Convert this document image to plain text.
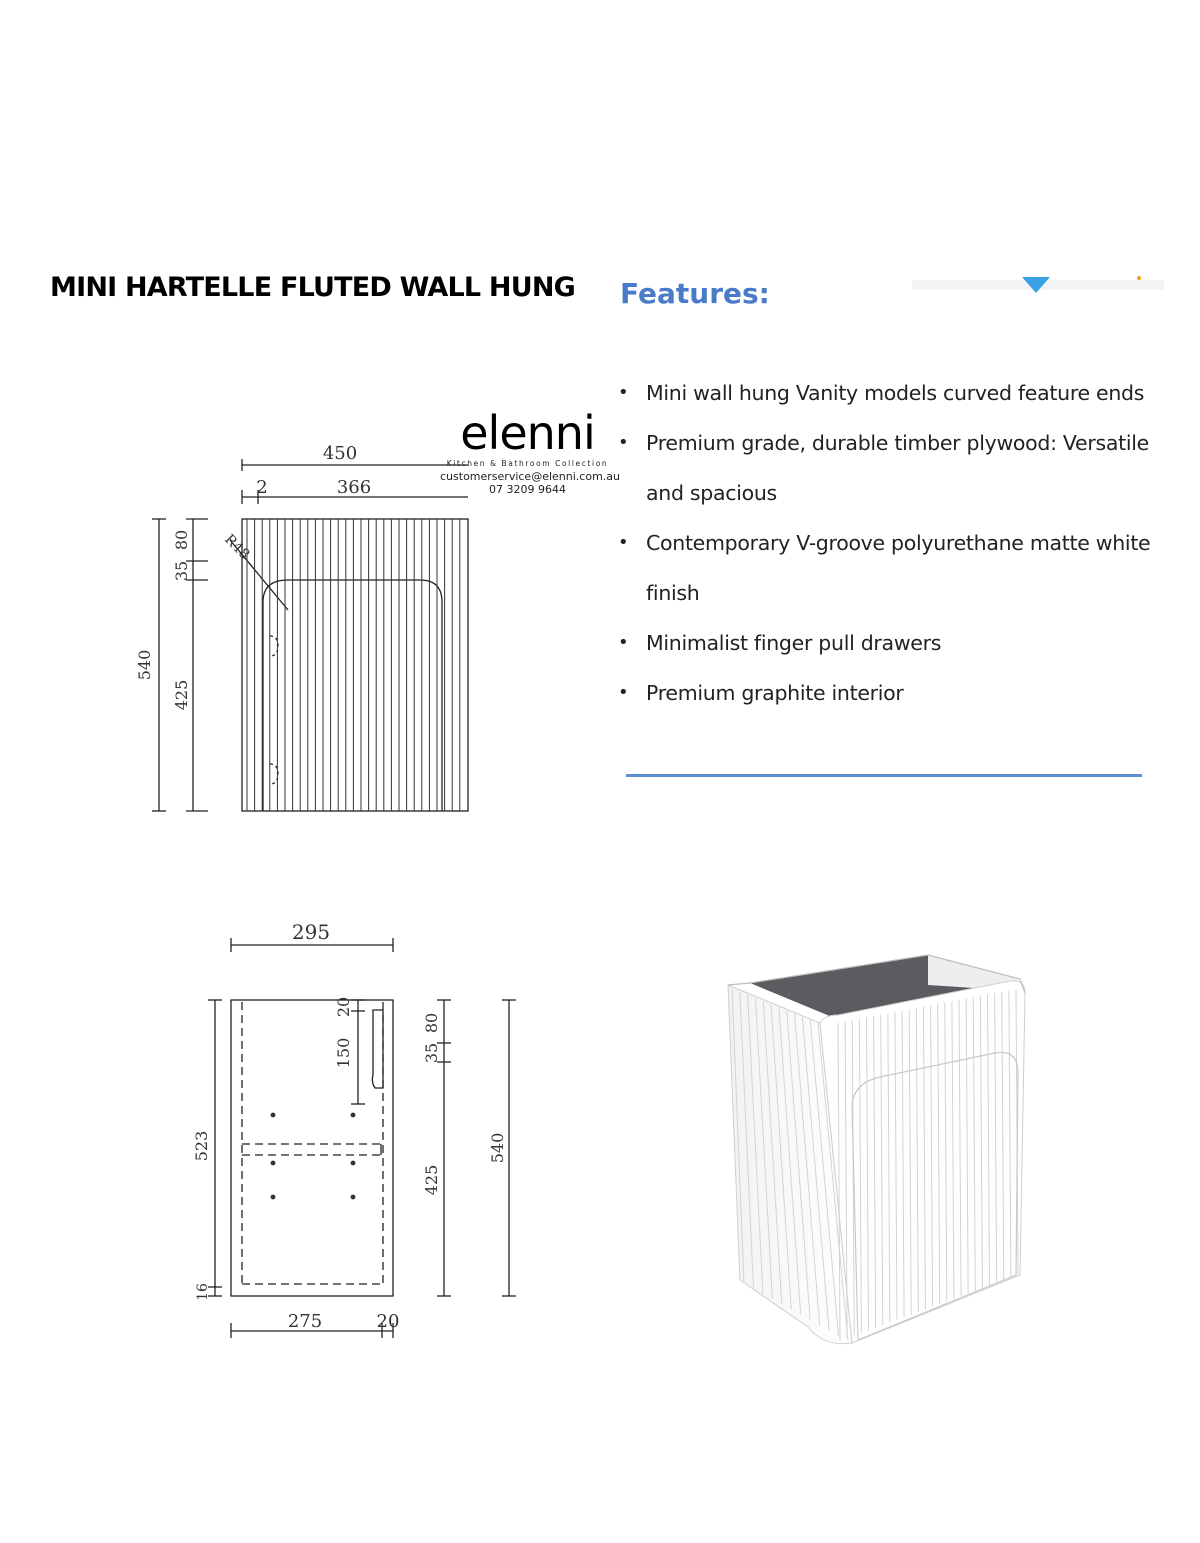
MINI HARTELLE FLUTED WALL HUNG Features:
• Mini wall hung Vanity models curved feature ends
• Premium grade, durable timber plywood: Versatile and spacious
• Contemporary V-groove polyurethane matte white finish
• Minimalist finger pull drawers
• Premium graphite interior
elenni
Kitchen & Bathroom Collection
customerservice@elenni.com.au
07 3209 9644
450
2	366
540
80
35
425
R48
295
275	20
523
16
20
150
80
35
425
540
